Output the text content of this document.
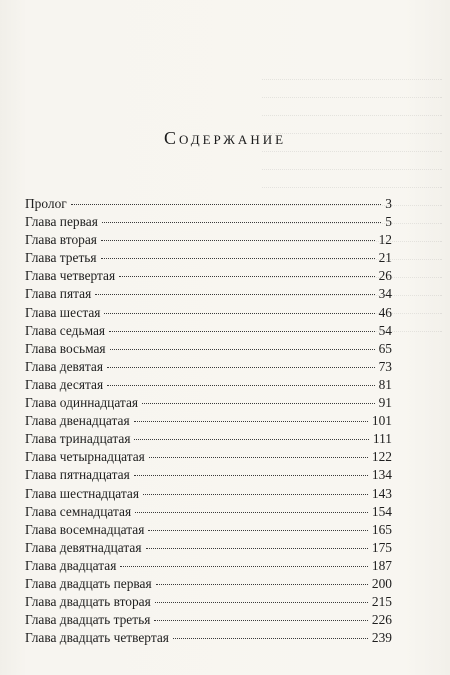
Содержание
Пролог	3
Глава первая	5
Глава вторая	12
Глава третья	21
Глава четвертая	26
Глава пятая	34
Глава шестая	46
Глава седьмая	54
Глава восьмая	65
Глава девятая	73
Глава десятая	81
Глава одиннадцатая	91
Глава двенадцатая	101
Глава тринадцатая	111
Глава четырнадцатая	122
Глава пятнадцатая	134
Глава шестнадцатая	143
Глава семнадцатая	154
Глава восемнадцатая	165
Глава девятнадцатая	175
Глава двадцатая	187
Глава двадцать первая	200
Глава двадцать вторая	215
Глава двадцать третья	226
Глава двадцать четвертая	239
